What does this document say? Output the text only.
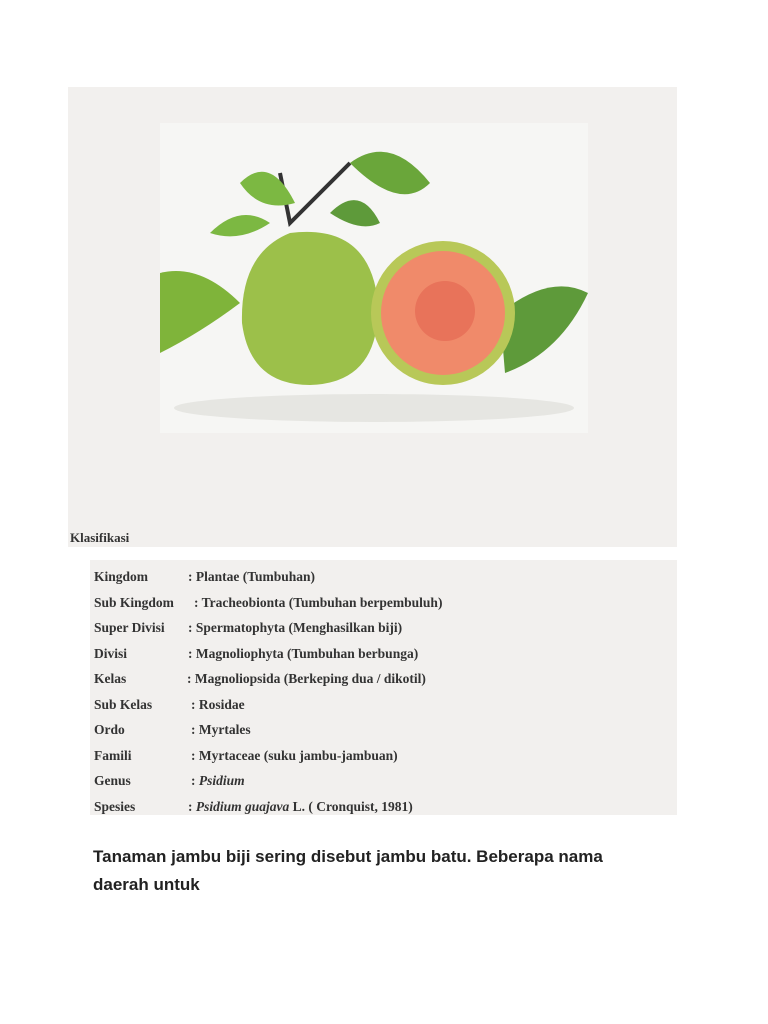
Klasifikasi
Kingdom	: Plantae (Tumbuhan)
Sub Kingdom : Tracheobionta (Tumbuhan berpembuluh)
Super Divisi : Spermatophyta (Menghasilkan biji)
Divisi	: Magnoliophyta (Tumbuhan berbunga)
Kelas	: Magnoliopsida (Berkeping dua / dikotil)
Sub Kelas	: Rosidae
Ordo	: Myrtales
Famili	: Myrtaceae (suku jambu-jambuan)
Genus	: Psidium
Spesies	: Psidium guajava L. ( Cronquist, 1981)
Tanaman jambu biji sering disebut jambu batu. Beberapa nama daerah untuk
